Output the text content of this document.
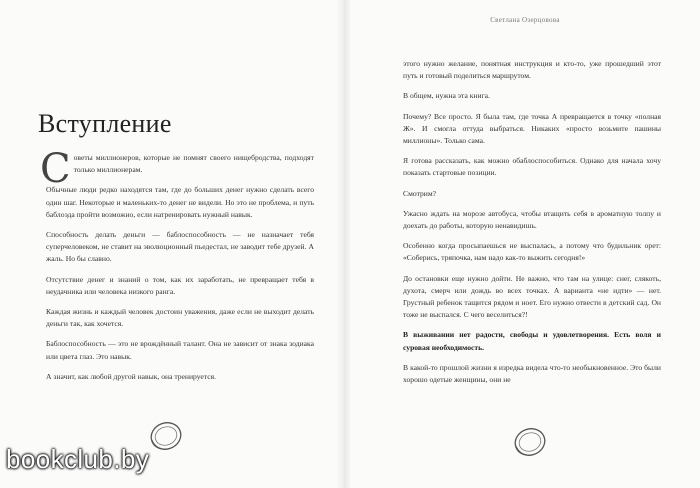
Вступление

Советы миллионеров, которые не помнят своего нищебродства, подходят только миллионерам.

Обычные люди редко находятся там, где до больших денег нужно сделать всего один шаг. Некоторые и маленьких-то денег не видели. Но это не проблема, и путь баблоэда пройти возможно, если натренировать нужный навык.

Способность делать деньги — баблоспособность — не назначает тебя суперчеловеком, не ставит на эволюционный пьедестал, не заводит тебе друзей. А жаль. Но бы славно.

Отсутствие денег и знаний о том, как их заработать, не превращает тебя в неудачника или человека низкого ранга.

Каждая жизнь и каждый человек достоин уважения, даже если не выходит делать деньги так, как хочется.

Баблоспособность — это не врождённый талант. Она не зависит от знака зодиака или цвета глаз. Это навык.

А значит, как любой другой навык, она тренируется.

Светлана Озерцовова

этого нужно желание, понятная инструкция и кто-то, уже прошедший этот путь и готовый поделиться маршрутом.

В общем, нужна эта книга.

Почему? Все просто. Я была там, где точка А превращается в точку «полная Ж». И смогла оттуда выбраться. Никаких «просто возьмите пашины миллионы». Только сама.

Я готова рассказать, как можно обаблоспособиться. Однако для начала хочу показать стартовые позиции.

Смотрим?

Ужасно ждать на морозе автобуса, чтобы втащить себя в ароматную толпу и доехать до работы, которую ненавидишь.

Особенно когда просыпаешься не выспалась, а потому что будильник орет: «Соберись, тряпочка, нам надо как-то выжить сегодня!»

До остановки еще нужно дойти. Не важно, что там на улице: снег, слякоть, духота, смерч или дождь во всех точках. А варианта «не идти» — нет. Грустный ребенок тащится рядом и ноет. Его нужно отвести в детский сад. Он тоже не выспался. С чего веселиться?!

В выживании нет радости, свободы и удовлетворения. Есть воля и суровая необходимость.

В какой-то прошлой жизни я изредка видела что-то необыкновенное. Это были хорошо одетые женщины, они не

bookclub.by
